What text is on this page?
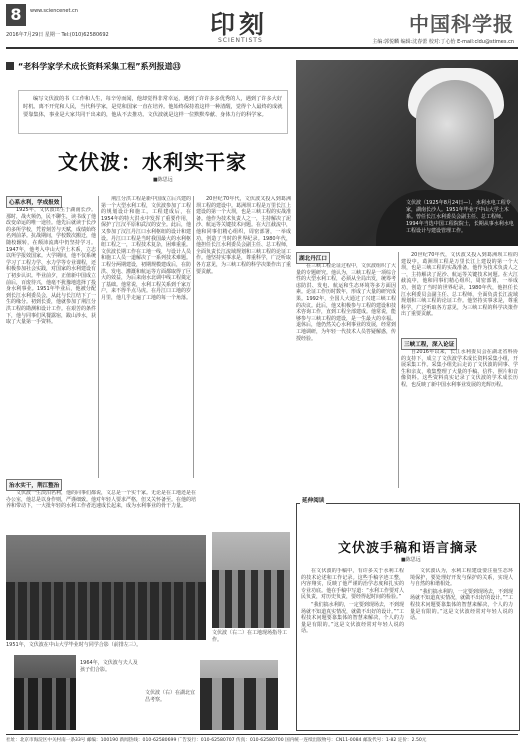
8	www.sciencenet.cn
2016年7月29日 星期一 Tel:(010)62580692	印刻
SCIENTISTS
中国科学报
主编:郭悦麟 编辑:沈春蕾 校对:丁心怡 E-mail:cldu@stimes.cn
“老科学家学术成长资料采集工程”系列报道㉝
编写文伏波的书《工作和人生，每辛劳而闻，他却觉得非常幸运，遇到了许许多多优秀的人，遇到了许多大好时机。离不开党和人民，当代科学家，是党和国家一直在培养。他始终保持着这样一种清醒，觉得个人最终的成就要靠集体，事业是大家共同干出来的，他从不去推功。文伏波就是这样一位默默奉献、身体力行的科学家。
文伏波：水利实干家
■陈思远
文伏波（1925年8月24日—），水利水电工程专家，湖南长沙人。1951年毕业于中山大学土木系。曾任长江水利委员会副主任、总工程师。1994年当选中国工程院院士，长期从事水利水电工程设计与建设管理工作。
心系水利，学成报效

1925年，文伏波出生于湖南长沙。那时，战火频仍，民不聊生，读书成了他改变命运的唯一途径。他先后就读于长沙的多所学校，凭着刻苦与天赋，成绩始终名列前茅。抗战期间，学校数次搬迁，他随校辗转，在颠沛流离中仍坚持学习。1947年，他考入中山大学土木系，立志以所学报效国家。大学期间，他不仅系统学习了工程力学、水力学等专业课程，还积极参加社会实践，对国家的水利建设有了初步认识。毕业前夕，正值新中国成立前后，百废待兴，他毫不犹豫地选择了投身水利事业。1951年毕业后，他被分配到长江水利委员会，从此与长江结下了一生的缘分。初到长委，他就参加了荆江分洪工程的勘测和设计工作。在艰苦的条件下，他与同事们风餐露宿，跋山涉水，获取了大量第一手资料。

治水实干，荆江整治

文伏波一生淡泊名利，他的同事们都说，文总是一个实干家。无论是在工地还是在办公室，他总是以身作则，严谨细致。他对年轻人要求严格，但又关怀备至。在他的培养和带动下，一大批年轻的水利工作者迅速成长起来，成为水利事业的骨干力量。

荆江分洪工程是新中国成立后兴建的第一个大型水利工程，文伏波参加了工程的规划设计和施工。工程建成后，在1954年的特大洪水中发挥了重要作用，保护了江汉平原和武汉的安全。此后，他又参加了汉江丹江口水利枢纽的设计和建设。丹江口工程是当时我国最大的水利枢纽工程之一，工程技术复杂，困难重重。文伏波长期工作在工地一线，与设计人员和施工人员一道解决了一系列技术难题。工程分两期建设，初期规模建成后，在防洪、发电、灌溉和航运等方面都取得了巨大的效益，为后来南水北调中线工程奠定了基础。他常说，水利工程关系到千家万户，来不得半点马虎。在丹江口工地的岁月里，他几乎走遍了工地的每一个角落。

20世纪70年代，文伏波又投入到葛洲坝工程的建设中。葛洲坝工程是万里长江上建设的第一个大坝，也是三峡工程的实战准备。他作为技术负责人之一，主持解决了泥沙、航运等关键技术问题。在大江截流中，他和同事们精心组织，周密部署，一举成功，创造了当时的世界纪录。1980年代，他担任长江水利委员会副主任、总工程师，全面负责长江流域规划和三峡工程的论证工作。他坚持实事求是，尊重科学，广泛听取各方意见，为三峡工程的科学决策作出了重要贡献。

湖北丹江口

在三峡工程论证过程中，文伏波组织了大量的专题研究。他认为，三峡工程是一项综合性的大型水利工程，必须从全局出发，统筹考虑防洪、发电、航运和生态环境等多方面因素。论证工作历时数年，形成了大量的研究成果。1992年，全国人大通过了兴建三峡工程的决议。此后，他又积极参与工程的建设和技术咨询工作，直到工程全部建成。他常说，能够参与三峡工程的建设，是一生最大的幸福。退休后，他仍然关心水利事业的发展，经常到工地调研，为年轻一代技术人员答疑解惑，传授经验。

三峡工程，深入论证

20世纪70年代，文伏波又投入到葛洲坝工程的建设中。葛洲坝工程是万里长江上建设的第一个大坝，也是三峡工程的实战准备。他作为技术负责人之一，主持解决了泥沙、航运等关键技术问题。在大江截流中，他和同事们精心组织，周密部署，一举成功，创造了当时的世界纪录。1980年代，他担任长江水利委员会副主任、总工程师，全面负责长江流域规划和三峡工程的论证工作。他坚持实事求是，尊重科学，广泛听取各方意见，为三峡工程的科学决策作出了重要贡献。

自2016年以来，长江水利委员会在湖北省科协的支持下，成立了文伏波学术成长资料采集小组，开展采集工作。采集小组先后走访了文伏波的同事、学生和亲友，收集整理了大量的手稿、信件、照片和音像资料。这些资料真实记录了文伏波的学术成长历程，也反映了新中国水利事业发展的光辉历程。

1951年，文伏波在中山大学毕业时与同学合影（前排左三）。
文伏波（右二）在工地现场指导工作。
1964年，文伏波与夫人及孩子们合影。
文伏波（右）在湖北宜昌考察。
延伸阅读
文伏波手稿和语言摘录
■陈思远

在文伏波的手稿中，有许多关于水利工程的技术论述和工作记录。这些手稿字迹工整，内容翔实，反映了他严谨的治学态度和扎实的专业功底。他在手稿中写道：“水利工作要对人民负责，对历史负责，要经得起时间的检验。”

“我们搞水利的，一定要到现场去，不到现场就不知道真实情况，就做不出好的设计。”“工程技术问题要靠集体的智慧来解决，个人的力量是有限的。”这是文伏波经常对年轻人说的话。

文伏波认为，水利工程建设要注重生态环境保护，要处理好开发与保护的关系，实现人与自然的和谐相处。

“我们搞水利的，一定要到现场去，不到现场就不知道真实情况，就做不出好的设计。”“工程技术问题要靠集体的智慧来解决，个人的力量是有限的。”这是文伏波经常对年轻人说的话。

社址：北京市海淀区中关村南一条33号 邮编：100190 新闻热线：010-62580699 广告发行：010-62580707 传真：010-62580700 国内统一连续出版物号：CN11-0084 邮发代号：1-82 定价：2.50元
